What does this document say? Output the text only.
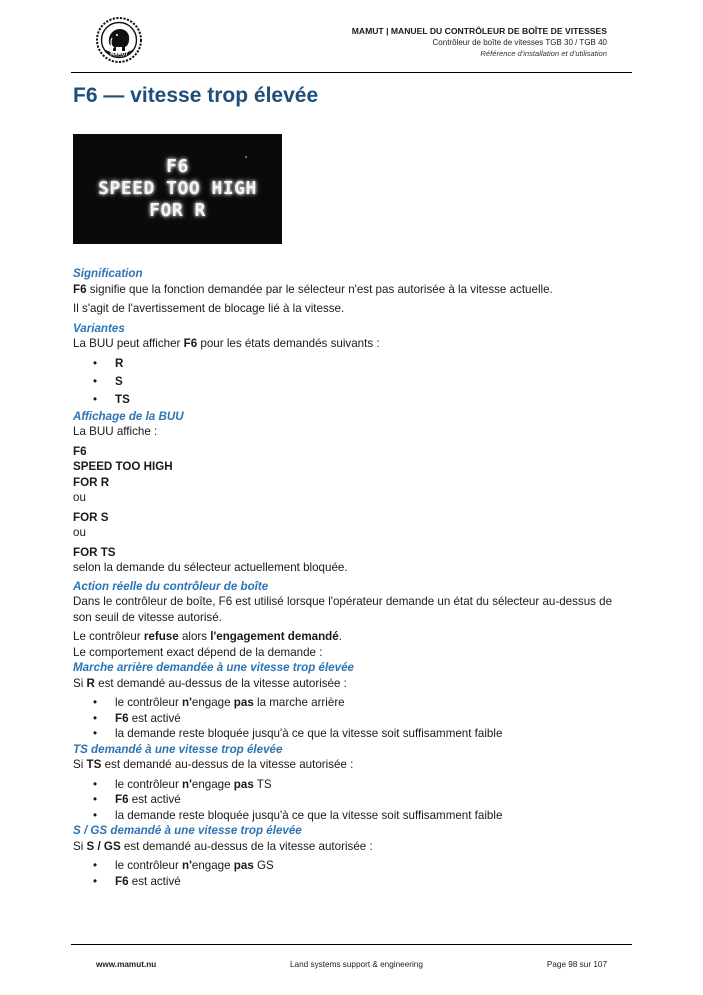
MAMUT

MAMUT | MANUEL DU CONTRÔLEUR DE BOÎTE DE VITESSES

Contrôleur de boîte de vitesses TGB 30 / TGB 40

Référence d'installation et d'utilisation

F6 — vitesse trop élevée
F6
SPEED TOO HIGH
FOR R

Signification

F6 signifie que la fonction demandée par le sélecteur n'est pas autorisée à la vitesse actuelle.

Il s'agit de l'avertissement de blocage lié à la vitesse.

Variantes

La BUU peut afficher F6 pour les états demandés suivants :

• R
• S
• TS

Affichage de la BUU

La BUU affiche :

F6

SPEED TOO HIGH

FOR R

ou

FOR S

ou

FOR TS

selon la demande du sélecteur actuellement bloquée.

Action réelle du contrôleur de boîte

Dans le contrôleur de boîte, F6 est utilisé lorsque l'opérateur demande un état du sélecteur au-dessus de son seuil de vitesse autorisé.

Le contrôleur refuse alors l'engagement demandé.

Le comportement exact dépend de la demande :

Marche arrière demandée à une vitesse trop élevée

Si R est demandé au-dessus de la vitesse autorisée :

• le contrôleur n'engage pas la marche arrière
• F6 est activé
• la demande reste bloquée jusqu'à ce que la vitesse soit suffisamment faible

TS demandé à une vitesse trop élevée

Si TS est demandé au-dessus de la vitesse autorisée :

• le contrôleur n'engage pas TS
• F6 est activé
• la demande reste bloquée jusqu'à ce que la vitesse soit suffisamment faible

S / GS demandé à une vitesse trop élevée

Si S / GS est demandé au-dessus de la vitesse autorisée :

• le contrôleur n'engage pas GS
• F6 est activé
www.mamut.nu	Land systems support & engineering	Page 98 sur 107
